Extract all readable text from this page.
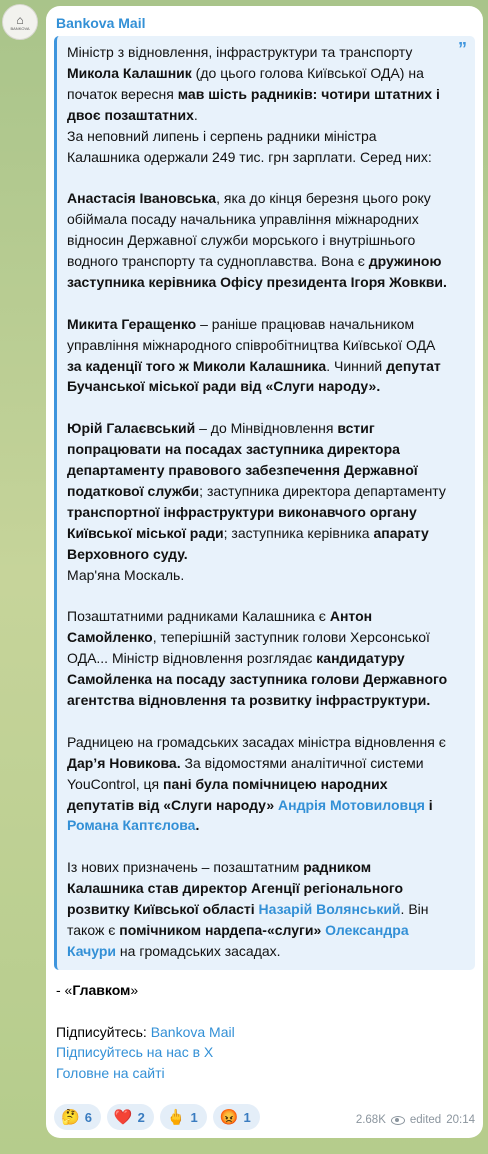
⌂
BANKOVA Bankova Mail
”

Міністр з відновлення, інфраструктури та транспорту Микола Калашник (до цього голова Київської ОДА) на початок вересня мав шість радників: чотири штатних і двоє позаштатних.

За неповний липень і серпень радники міністра Калашника одержали 249 тис. грн зарплати. Серед них:

Анастасія Івановська, яка до кінця березня цього року обіймала посаду начальника управління міжнародних відносин Державної служби морського і внутрішнього водного транспорту та судноплавства. Вона є дружиною заступника керівника Офісу президента Ігоря Жовкви.

Микита Геращенко – раніше працював начальником управління міжнародного співробітництва Київської ОДА за каденції того ж Миколи Калашника. Чинний депутат Бучанської міської ради від «Слуги народу».

Юрій Галаєвський – до Мінвідновлення встиг попрацювати на посадах заступника директора департаменту правового забезпечення Державної податкової служби; заступника директора департаменту транспортної інфраструктури виконавчого органу Київської міської ради; заступника керівника апарату Верховного суду.

Мар'яна Москаль.

Позаштатними радниками Калашника є Антон Самойленко, теперішній заступник голови Херсонської ОДА... Міністр відновлення розглядає кандидатуру Самойленка на посаду заступника голови Державного агентства відновлення та розвитку інфраструктури.

Радницею на громадських засадах міністра відновлення є Дар’я Новикова. За відомостями аналітичної системи YouControl, ця пані була помічницею народних депутатів від «Слуги народу» Андрія Мотовиловця і Романа Каптєлова.

Із нових призначень – позаштатним радником Калашника став директор Агенції регіонального розвитку Київської області Назарій Волянський. Він також є помічником нардепа-«слуги» Олександра Качури на громадських засадах.

- «Главком»
Підписуйтесь: Bankova Mail
Підписуйтесь на нас в X
Головне на сайті
🤔 6 ❤️ 2 🖕 1 😡 1	2.68K edited 20:14
